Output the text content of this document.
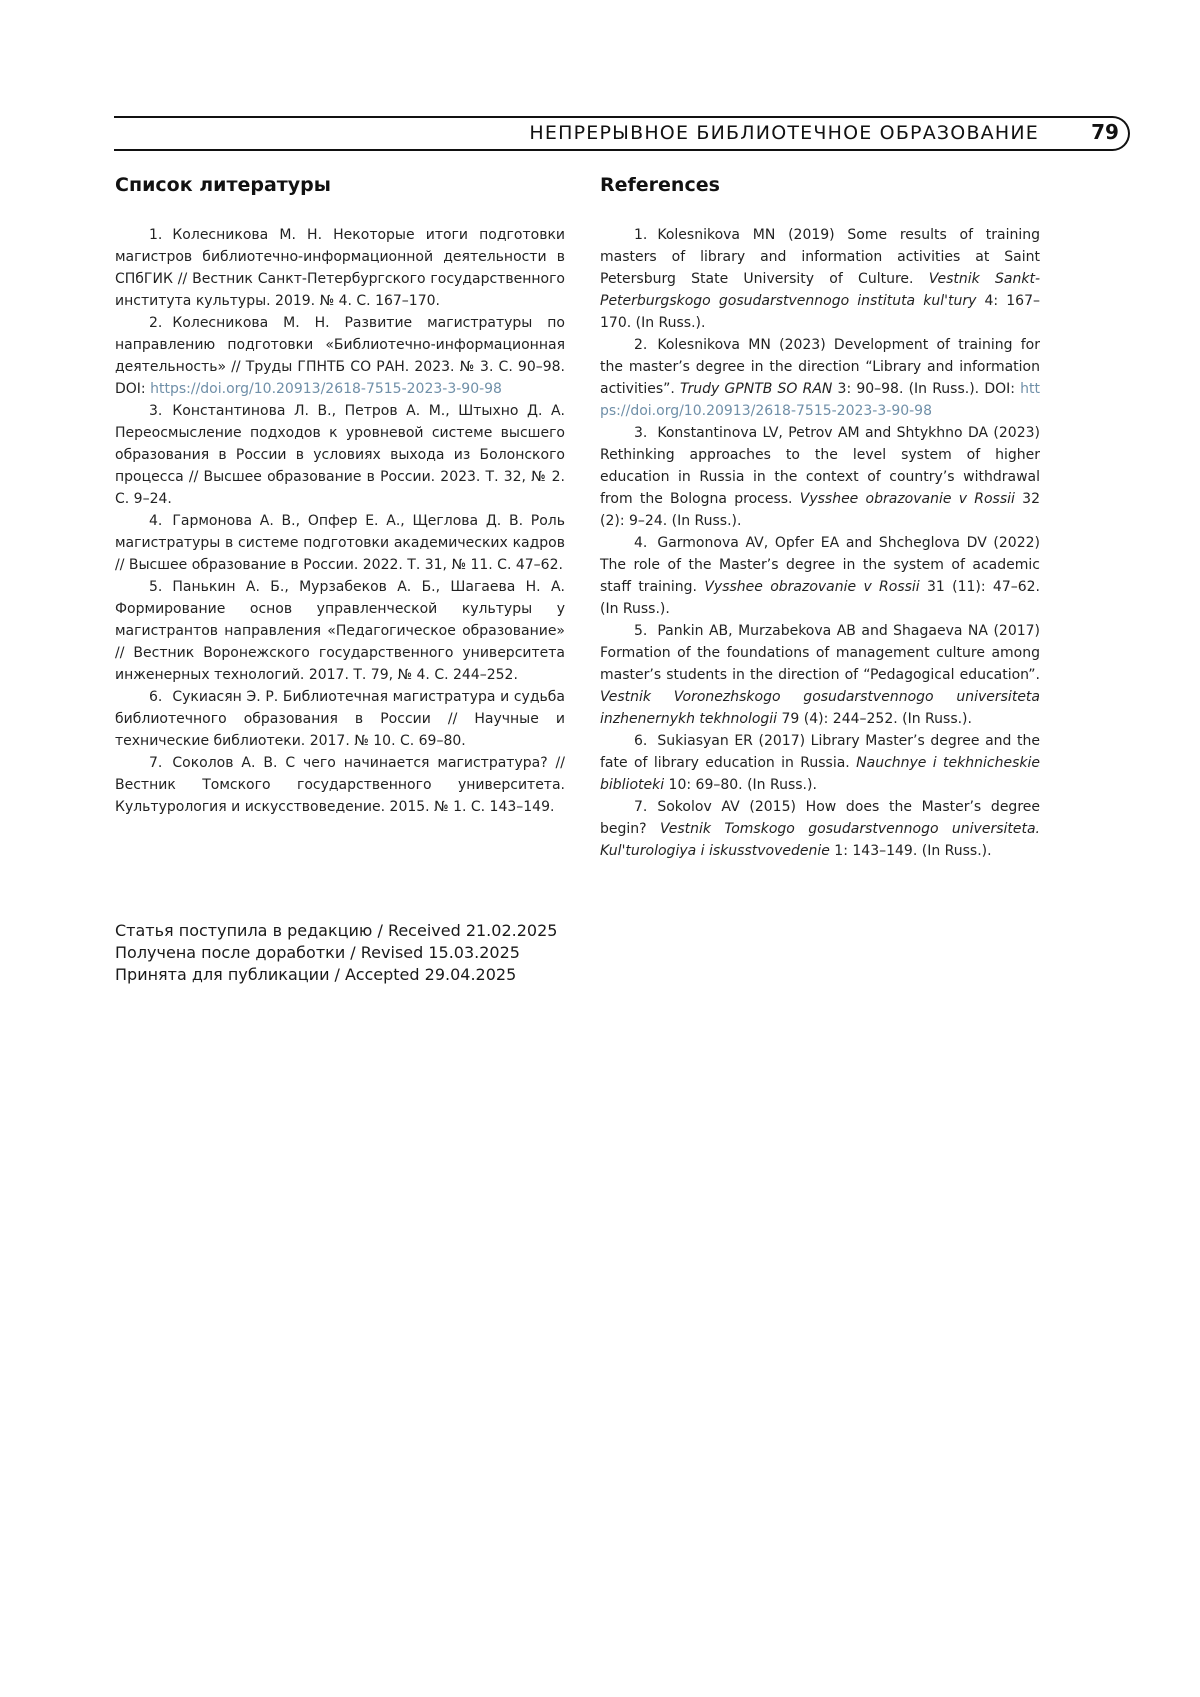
НЕПРЕРЫВНОЕ БИБЛИОТЕЧНОЕ ОБРАЗОВАНИЕ	79
Список литературы
1. Колесникова М. Н. Некоторые итоги подготовки магистров библиотечно-информационной деятельности в СПбГИК // Вестник Санкт-Петербургского государственного института культуры. 2019. № 4. С. 167–170.
2. Колесникова М. Н. Развитие магистратуры по направлению подготовки «Библиотечно-информационная деятельность» // Труды ГПНТБ СО РАН. 2023. № 3. С. 90–98. DOI: https://doi.org/10.20913/2618-7515-2023-3-90-98
3. Константинова Л. В., Петров А. М., Штыхно Д. А. Переосмысление подходов к уровневой системе высшего образования в России в условиях выхода из Болонского процесса // Высшее образование в России. 2023. Т. 32, № 2. С. 9–24.
4. Гармонова А. В., Опфер Е. А., Щеглова Д. В. Роль магистратуры в системе подготовки академических кадров // Высшее образование в России. 2022. Т. 31, № 11. С. 47–62.
5. Панькин А. Б., Мурзабеков А. Б., Шагаева Н. А. Формирование основ управленческой культуры у магистрантов направления «Педагогическое образование» // Вестник Воронежского государственного университета инженерных технологий. 2017. Т. 79, № 4. С. 244–252.
6. Сукиасян Э. Р. Библиотечная магистратура и судьба библиотечного образования в России // Научные и технические библиотеки. 2017. № 10. С. 69–80.
7. Соколов А. В. С чего начинается магистратура? // Вестник Томского государственного университета. Культурология и искусствоведение. 2015. № 1. С. 143–149.
References
1. Kolesnikova MN (2019) Some results of training masters of library and information activities at Saint Petersburg State University of Culture. Vestnik Sankt-Peterburgskogo gosudarstvennogo instituta kul'tury 4: 167–170. (In Russ.).
2. Kolesnikova MN (2023) Development of training for the master’s degree in the direction “Library and information activities”. Trudy GPNTB SO RAN 3: 90–98. (In Russ.). DOI: https://doi.org/10.20913/2618-7515-2023-3-90-98
3. Konstantinova LV, Petrov AM and Shtykhno DA (2023) Rethinking approaches to the level system of higher education in Russia in the context of country’s withdrawal from the Bologna process. Vysshee obrazovanie v Rossii 32 (2): 9–24. (In Russ.).
4. Garmonova AV, Opfer EA and Shcheglova DV (2022) The role of the Master’s degree in the system of academic staff training. Vysshee obrazovanie v Rossii 31 (11): 47–62. (In Russ.).
5. Pankin AB, Murzabekova AB and Shagaeva NA (2017) Formation of the foundations of management culture among master’s students in the direction of “Pedagogical education”. Vestnik Voronezhskogo gosudarstvennogo universiteta inzhenernykh tekhnologii 79 (4): 244–252. (In Russ.).
6. Sukiasyan ER (2017) Library Master’s degree and the fate of library education in Russia. Nauchnye i tekhnicheskie biblioteki 10: 69–80. (In Russ.).
7. Sokolov AV (2015) How does the Master’s degree begin? Vestnik Tomskogo gosudarstvennogo universiteta. Kul'turologiya i iskusstvovedenie 1: 143–149. (In Russ.).
Статья поступила в редакцию / Received 21.02.2025
Получена после доработки / Revised 15.03.2025
Принята для публикации / Accepted 29.04.2025
